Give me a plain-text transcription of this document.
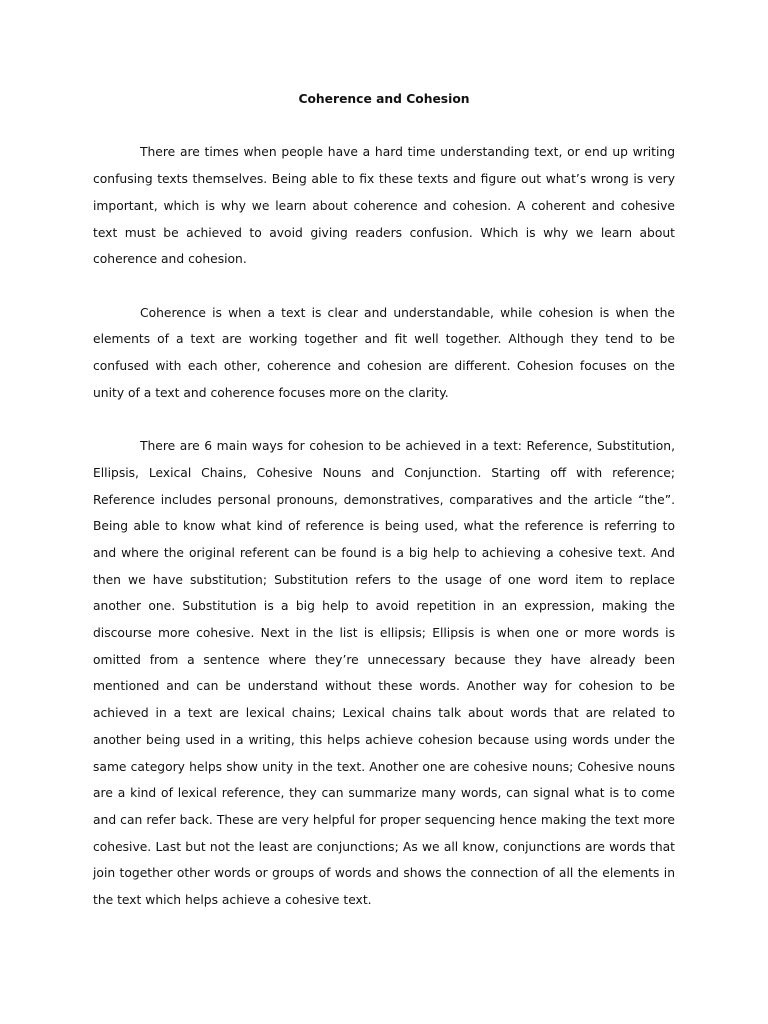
Coherence and Cohesion

There are times when people have a hard time understanding text, or end up writing confusing texts themselves. Being able to fix these texts and figure out what’s wrong is very important, which is why we learn about coherence and cohesion. A coherent and cohesive text must be achieved to avoid giving readers confusion. Which is why we learn about coherence and cohesion.

Coherence is when a text is clear and understandable, while cohesion is when the elements of a text are working together and fit well together. Although they tend to be confused with each other, coherence and cohesion are different. Cohesion focuses on the unity of a text and coherence focuses more on the clarity.

There are 6 main ways for cohesion to be achieved in a text: Reference, Substitution, Ellipsis, Lexical Chains, Cohesive Nouns and Conjunction. Starting off with reference; Reference includes personal pronouns, demonstratives, comparatives and the article “the”. Being able to know what kind of reference is being used, what the reference is referring to and where the original referent can be found is a big help to achieving a cohesive text. And then we have substitution; Substitution refers to the usage of one word item to replace another one. Substitution is a big help to avoid repetition in an expression, making the discourse more cohesive. Next in the list is ellipsis; Ellipsis is when one or more words is omitted from a sentence where they’re unnecessary because they have already been mentioned and can be understand without these words. Another way for cohesion to be achieved in a text are lexical chains; Lexical chains talk about words that are related to another being used in a writing, this helps achieve cohesion because using words under the same category helps show unity in the text. Another one are cohesive nouns; Cohesive nouns are a kind of lexical reference, they can summarize many words, can signal what is to come and can refer back. These are very helpful for proper sequencing hence making the text more cohesive. Last but not the least are conjunctions; As we all know, conjunctions are words that join together other words or groups of words and shows the connection of all the elements in the text which helps achieve a cohesive text.
